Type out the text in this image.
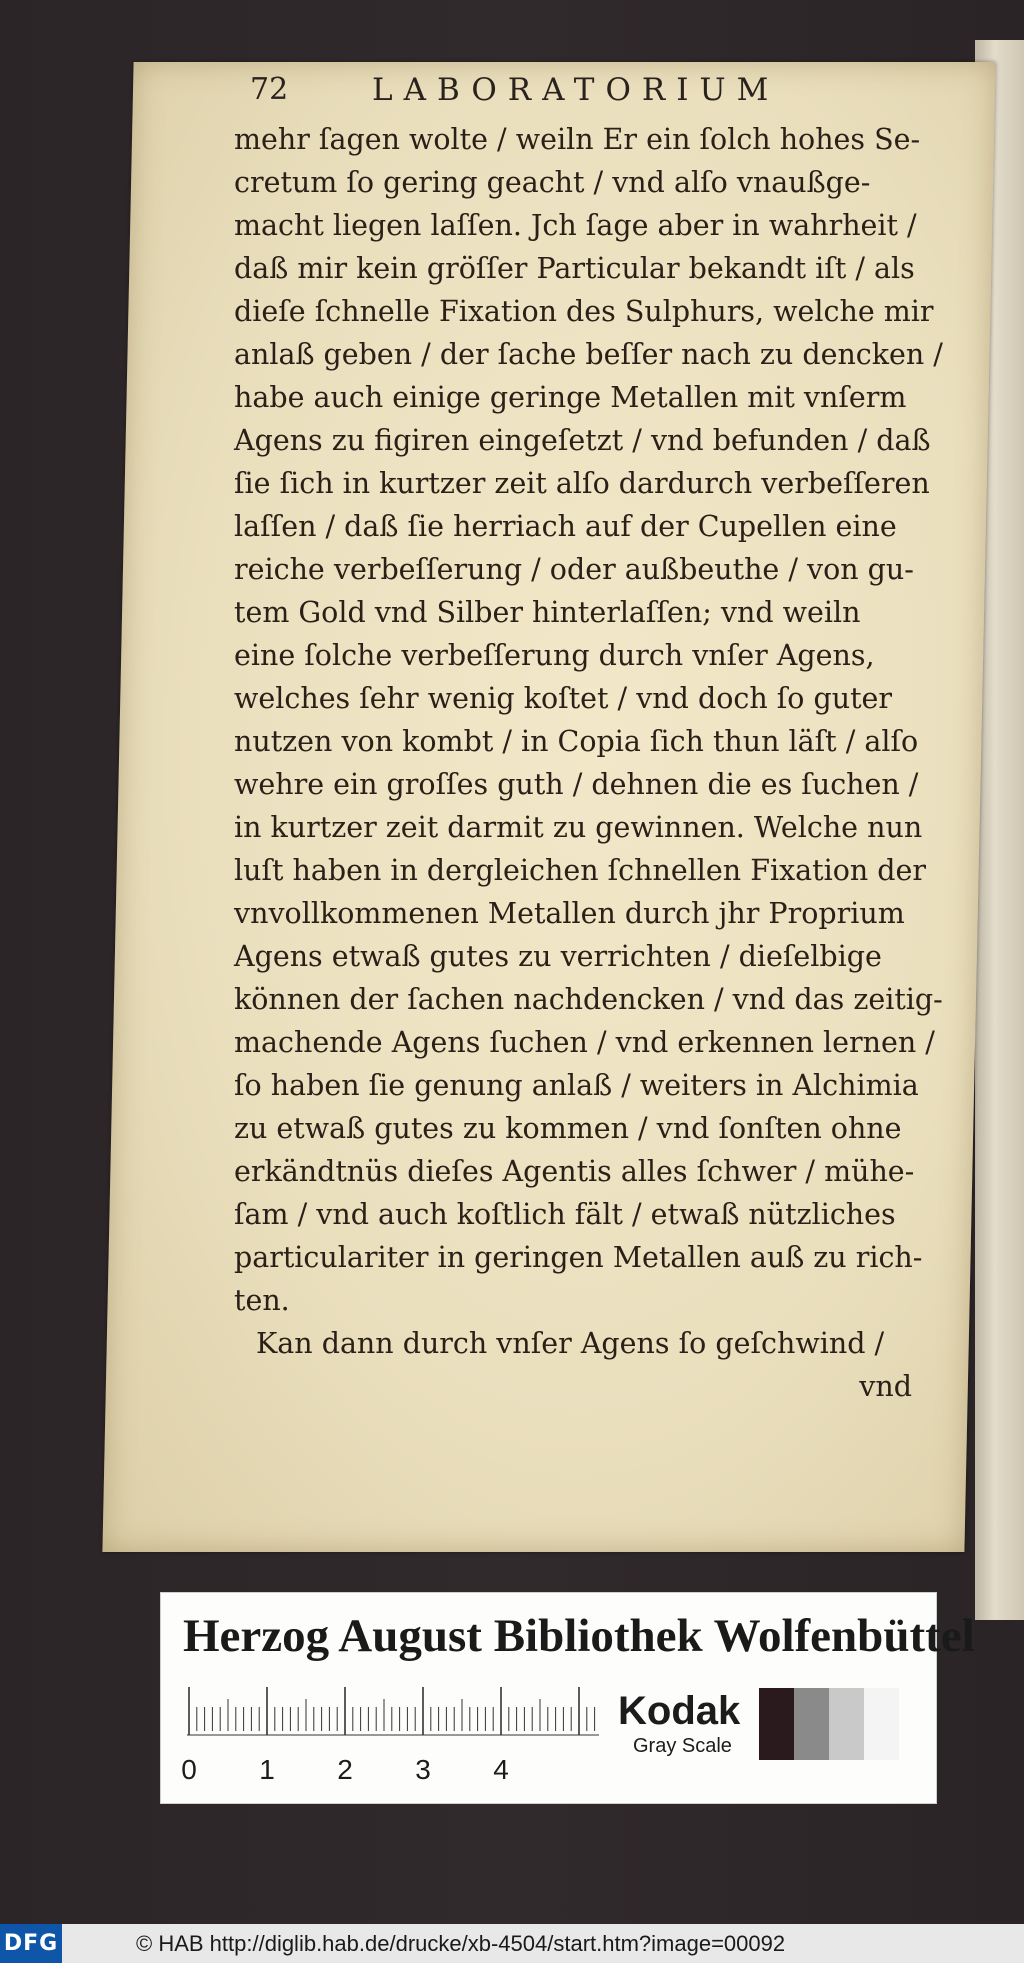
72	LABORATORIUM
mehr ſagen wolte / weiln Er ein ſolch hohes Se-
cretum ſo gering geacht / vnd alſo vnaußge-
macht liegen laſſen. Jch ſage aber in wahrheit /
daß mir kein gröſſer Particular bekandt iſt / als
dieſe ſchnelle Fixation des Sulphurs, welche mir
anlaß geben / der ſache beſſer nach zu dencken /
habe auch einige geringe Metallen mit vnſerm
Agens zu figiren eingeſetzt / vnd befunden / daß
ſie ſich in kurtzer zeit alſo dardurch verbeſſeren
laſſen / daß ſie herriach auf der Cupellen eine
reiche verbeſſerung / oder außbeuthe / von gu-
tem Gold vnd Silber hinterlaſſen; vnd weiln
eine ſolche verbeſſerung durch vnſer Agens,
welches ſehr wenig koſtet / vnd doch ſo guter
nutzen von kombt / in Copia ſich thun läſt / alſo
wehre ein groſſes guth / dehnen die es ſuchen /
in kurtzer zeit darmit zu gewinnen. Welche nun
luſt haben in dergleichen ſchnellen Fixation der
vnvollkommenen Metallen durch jhr Proprium
Agens etwaß gutes zu verrichten / dieſelbige
können der ſachen nachdencken / vnd das zeitig-
machende Agens ſuchen / vnd erkennen lernen /
ſo haben ſie genung anlaß / weiters in Alchimia
zu etwaß gutes zu kommen / vnd ſonſten ohne
erkändtnüs dieſes Agentis alles ſchwer / mühe-
ſam / vnd auch koſtlich fält / etwaß nützliches
particulariter in geringen Metallen auß zu rich-
ten.
Kan dann durch vnſer Agens ſo geſchwind /
vnd
Herzog August Bibliothek Wolfenbüttel
0 1 2 3 4
Kodak
Gray Scale
DFG	© HAB http://diglib.hab.de/drucke/xb-4504/start.htm?image=00092
